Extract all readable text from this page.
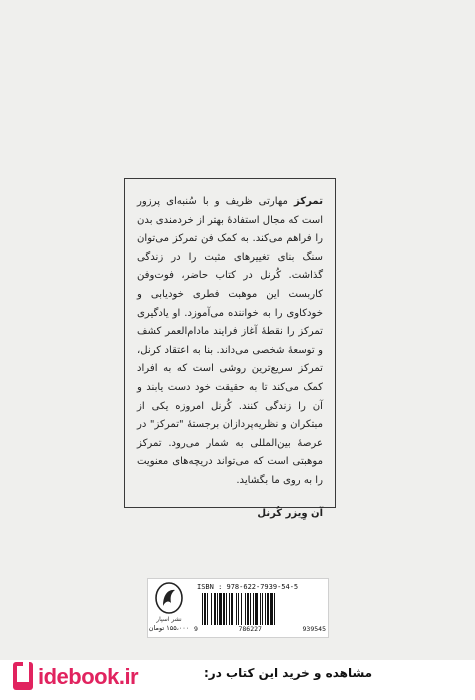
تمرکز مهارتی ظریف و با سُنبه‌ای پرزور است که مجال استفادهٔ بهتر از خردمندی بدن را فراهم می‌کند. به کمک فن تمرکز می‌توان سنگ بنای تغییرهای مثبت را در زندگی گذاشت. کُرنل در کتاب حاضر، فوت‌وفن کاربست این موهبت فطری خودیابی و خودکاوی را به خواننده می‌آموزد. او یادگیری تمرکز را نقطهٔ آغاز فرایند مادام‌العمر کشف و توسعهٔ شخصی می‌داند. بنا به اعتقاد کرنل، تمرکز سریع‌ترین روشی است که به افراد کمک می‌کند تا به حقیقت خود دست یابند و آن را زندگی کنند. کُرنل امروزه یکی از مبتکران و نظریه‌پردازان برجستهٔ "تمرکز" در عرصهٔ بین‌المللی به شمار می‌رود. تمرکز موهبتی است که می‌تواند دریچه‌های معنویت را به روی ما بگشاید.
آن وِیزر کُرنل
نشر اسپار
۱۵۵،۰۰۰ تومان
ISBN : 978-622-7939-54-5
9	786227	939545
idebook.ir	مشاهده و خرید این کتاب در:
